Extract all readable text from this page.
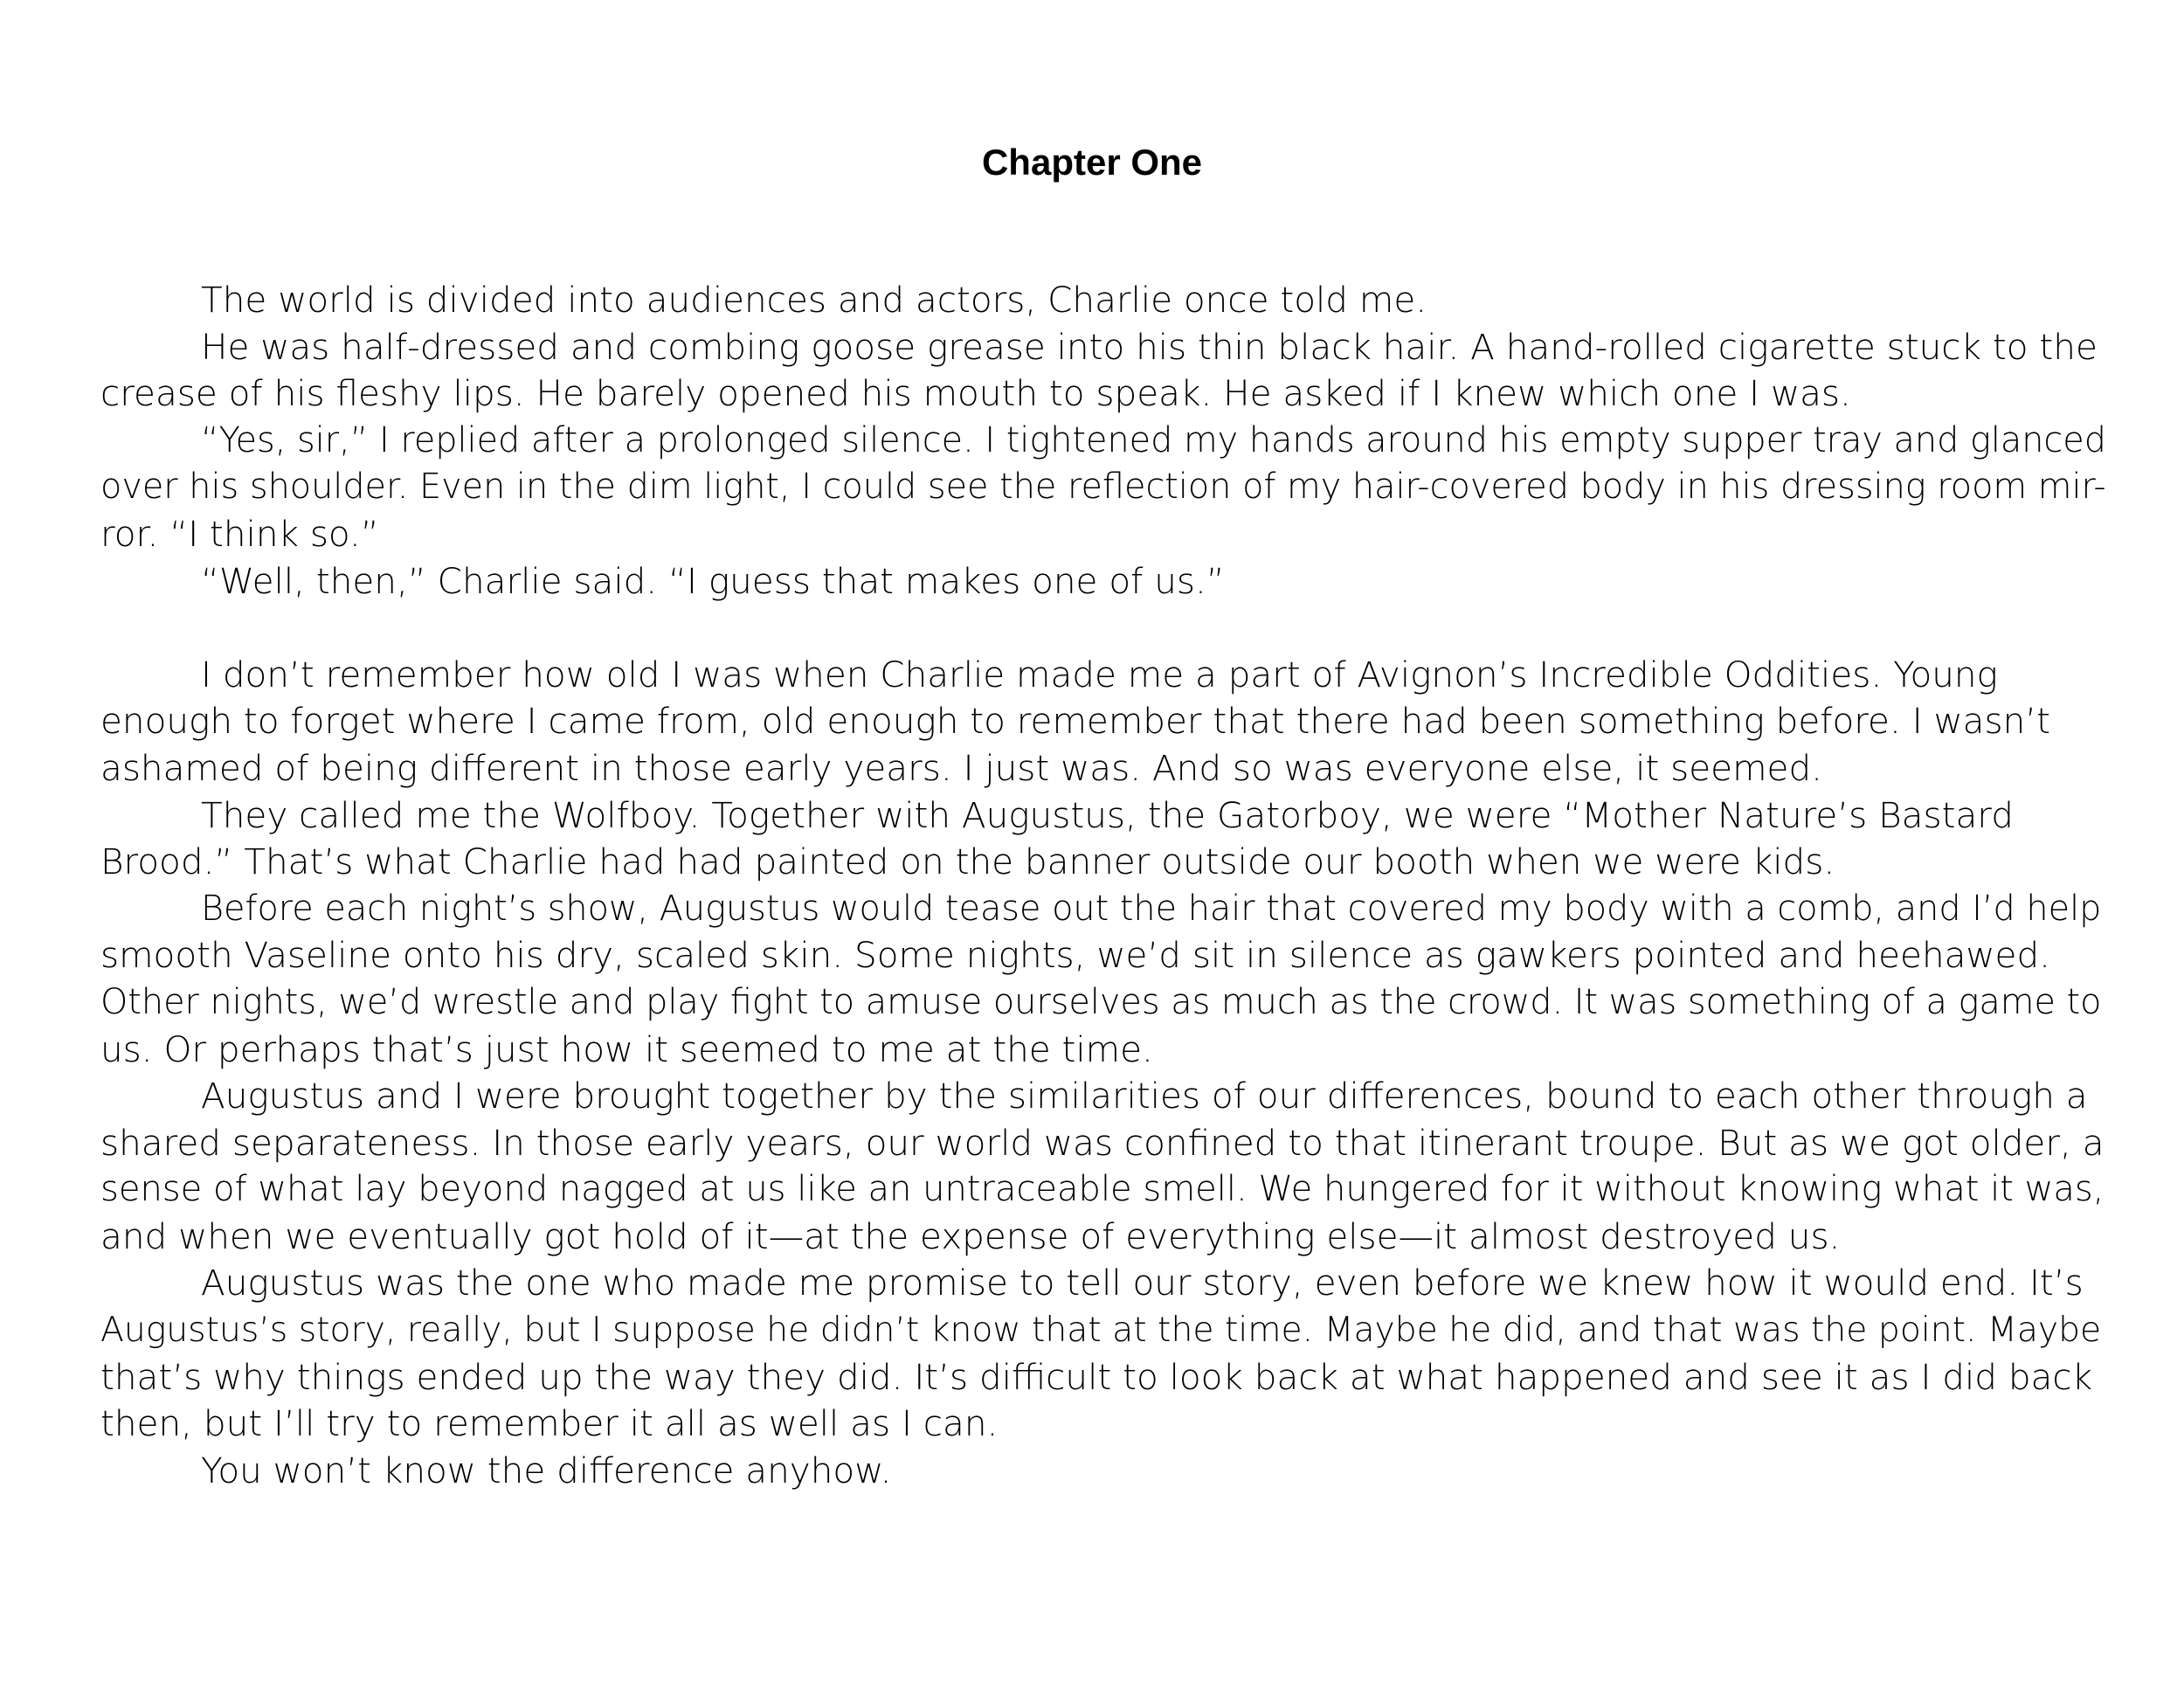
Chapter One
The world is divided into audiences and actors, Charlie once told me.
He was half-dressed and combing goose grease into his thin black hair. A hand-rolled cigarette stuck to the
crease of his fleshy lips. He barely opened his mouth to speak. He asked if I knew which one I was.
“Yes, sir,” I replied after a prolonged silence. I tightened my hands around his empty supper tray and glanced
over his shoulder. Even in the dim light, I could see the reflection of my hair-covered body in his dressing room mir-
ror. “I think so.”
“Well, then,” Charlie said. “I guess that makes one of us.”
I don’t remember how old I was when Charlie made me a part of Avignon’s Incredible Oddities. Young
enough to forget where I came from, old enough to remember that there had been something before. I wasn’t
ashamed of being different in those early years. I just was. And so was everyone else, it seemed.
They called me the Wolfboy. Together with Augustus, the Gatorboy, we were “Mother Nature’s Bastard
Brood.” That’s what Charlie had had painted on the banner outside our booth when we were kids.
Before each night’s show, Augustus would tease out the hair that covered my body with a comb, and I’d help
smooth Vaseline onto his dry, scaled skin. Some nights, we’d sit in silence as gawkers pointed and heehawed.
Other nights, we’d wrestle and play fight to amuse ourselves as much as the crowd. It was something of a game to
us. Or perhaps that’s just how it seemed to me at the time.
Augustus and I were brought together by the similarities of our differences, bound to each other through a
shared separateness. In those early years, our world was confined to that itinerant troupe. But as we got older, a
sense of what lay beyond nagged at us like an untraceable smell. We hungered for it without knowing what it was,
and when we eventually got hold of it—at the expense of everything else—it almost destroyed us.
Augustus was the one who made me promise to tell our story, even before we knew how it would end. It’s
Augustus’s story, really, but I suppose he didn’t know that at the time. Maybe he did, and that was the point. Maybe
that’s why things ended up the way they did. It’s difficult to look back at what happened and see it as I did back
then, but I’ll try to remember it all as well as I can.
You won’t know the difference anyhow.
